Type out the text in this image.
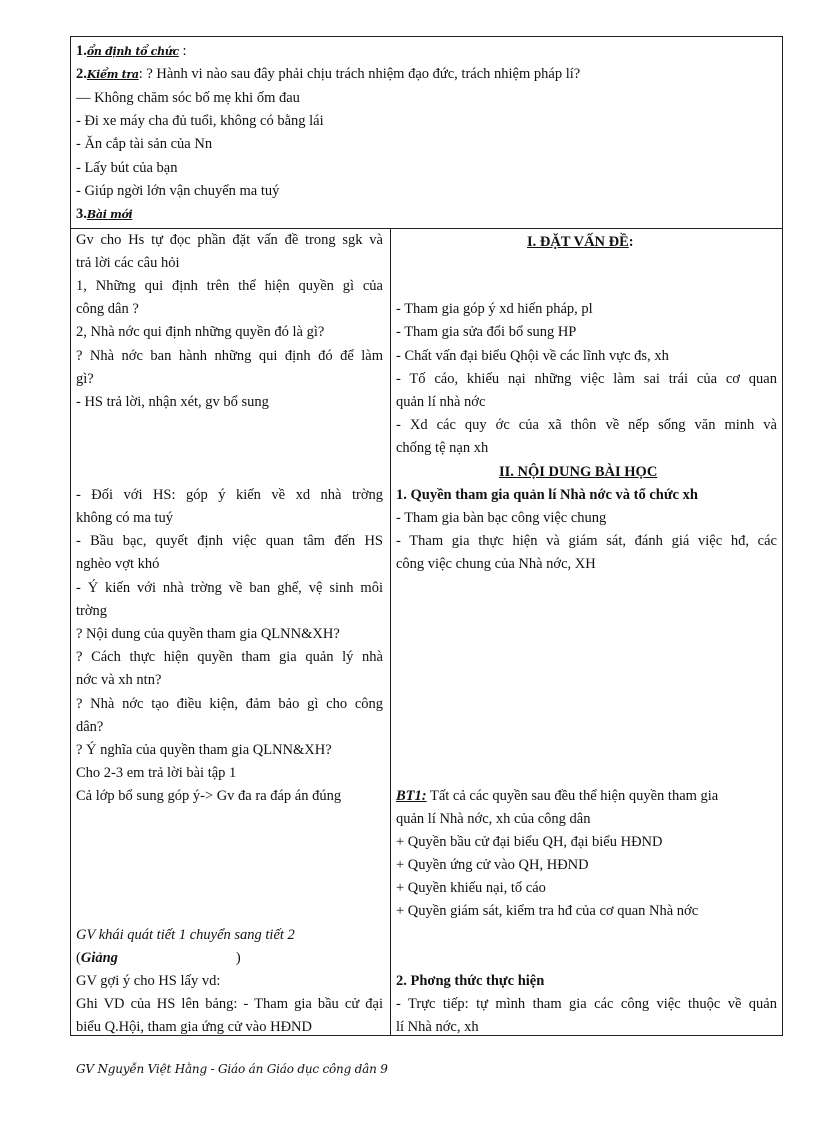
1.ổn định tổ chức :
2.Kiểm tra: ? Hành vi nào sau đây phải chịu trách nhiệm đạo đức, trách nhiệm pháp lí?
— Không chăm sóc bố mẹ khi ốm đau
- Đi xe máy cha đủ tuổi, không có bằng lái
- Ăn cắp tài sản của Nn
- Lấy bút của bạn
- Giúp ngời lớn vận chuyển ma tuý
3.Bài mới
Gv cho Hs tự đọc phần đặt vấn đề trong sgk và
trả lời các câu hỏi
1, Những qui định trên thể hiện quyền gì của
công dân ?
2, Nhà nớc qui định những quyền đó là gì?
? Nhà nớc ban hành những qui định đó để làm
gì?
- HS trả lời, nhận xét, gv bổ sung
- Đối với HS: góp ý kiến về xd nhà trờng
không có ma tuý
- Bầu bạc, quyết định việc quan tâm đến HS
nghèo vợt khó
- Ý kiến với nhà trờng về ban ghế, vệ sinh môi
trờng
? Nội dung của quyền tham gia QLNN&XH?
? Cách thực hiện quyền tham gia quản lý nhà
nớc và xh ntn?
? Nhà nớc tạo điều kiện, đảm bảo gì cho công
dân?
? Ý nghĩa của quyền tham gia QLNN&XH?
Cho 2-3 em trả lời bài tập 1
Cả lớp bổ sung góp ý-> Gv đa ra đáp án đúng
GV khái quát tiết 1 chuyển sang tiết 2
(Giảng	)
GV gợi ý cho HS lấy vd:
Ghi VD của HS lên bảng: - Tham gia bầu cử đại
biểu Q.Hội, tham gia ứng cử vào HĐND
I. ĐẶT VẤN ĐỀ:
- Tham gia góp ý xd hiến pháp, pl
- Tham gia sửa đổi bổ sung HP
- Chất vấn đại biểu Qhội về các lĩnh vực đs, xh
- Tố cáo, khiếu nại những việc làm sai trái của cơ quan
quản lí nhà nớc
- Xd các quy ớc của xã thôn về nếp sống văn minh và
chống tệ nạn xh
II. NỘI DUNG BÀI HỌC
1. Quyền tham gia quản lí Nhà nớc và tổ chức xh
- Tham gia bàn bạc công việc chung
- Tham gia thực hiện và giám sát, đánh giá việc hđ, các
công việc chung của Nhà nớc, XH
BT1: Tất cả các quyền sau đều thể hiện quyền tham gia
quản lí Nhà nớc, xh của công dân
+ Quyền bầu cử đại biểu QH, đại biểu HĐND
+ Quyền ứng cử vào QH, HĐND
+ Quyền khiếu nại, tố cáo
+ Quyền giám sát, kiểm tra hđ của cơ quan Nhà nớc
2. Phơng thức thực hiện
- Trực tiếp: tự mình tham gia các công việc thuộc về quản
lí Nhà nớc, xh
GV Nguyễn Việt Hằng - Giáo án Giáo dục công dân 9
